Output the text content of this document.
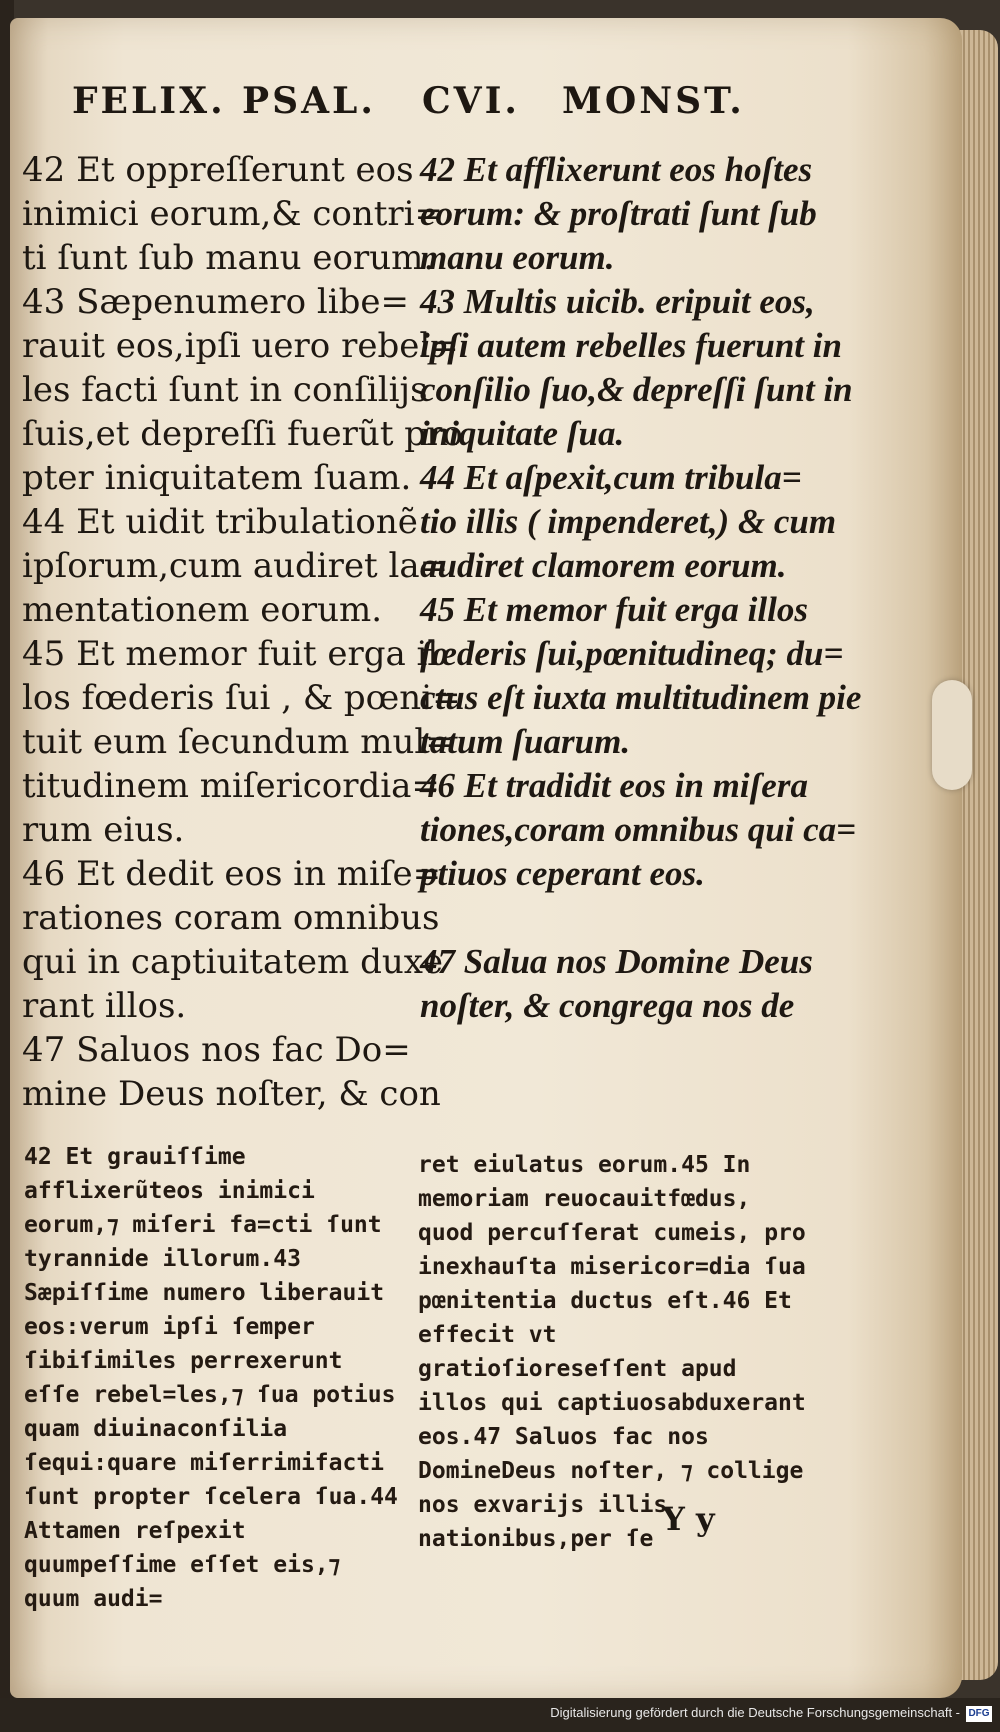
FELIX. PSAL. CVI. MONST.
42 Et oppreſſerunt eos
inimici eorum,& contri=
ti ſunt ſub manu eorum.
43 Sæpenumero libe=
rauit eos,ipſi uero rebel=
les facti ſunt in conſilijs
ſuis,et depreſſi fuerũt pro
pter iniquitatem ſuam.
44 Et uidit tribulationẽ
ipſorum,cum audiret la=
mentationem eorum.
45 Et memor fuit erga il
los fœderis ſui , & pœni=
tuit eum ſecundum mul=
titudinem miſericordia=
rum eius.
46 Et dedit eos in miſe=
rationes coram omnibus
qui in captiuitatem duxe
rant illos.
47 Saluos nos fac Do=
mine Deus noſter, & con
42 Et afflixerunt eos hoſtes
eorum: & proſtrati ſunt ſub
manu eorum.
43 Multis uicib. eripuit eos,
ipſi autem rebelles fuerunt in
conſilio ſuo,& depreſſi ſunt in
iniquitate ſua.
44 Et aſpexit,cum tribula=
tio illis ( impenderet,) & cum
audiret clamorem eorum.
45 Et memor fuit erga illos
fœderis ſui,pœnitudineq; du=
ctus eſt iuxta multitudinem pie
tatum ſuarum.
46 Et tradidit eos in miſera
tiones,coram omnibus qui ca=
ptiuos ceperant eos.

47 Salua nos Domine Deus
noſter, & congrega nos de
42 Et grauiſſime afflixerũteos inimici eorum,⁊ miſeri fa=cti ſunt tyrannide illorum.43 Sæpiſſime numero liberauit eos:verum ipſi ſemper ſibiſimiles perrexerunt eſſe rebel=les,⁊ ſua potius quam diuinaconſilia ſequi:quare miſerrimifacti ſunt propter ſcelera ſua.44 Attamen reſpexit quumpeſſime eſſet eis,⁊ quum audi=
ret eiulatus eorum.45 In memoriam reuocauitfœdus, quod percuſſerat cumeis, pro inexhauſta misericor=dia ſua pœnitentia ductus eſt.46 Et effecit vt gratioſioreseſſent apud illos qui captiuosabduxerant eos.47 Saluos fac nos DomineDeus noſter, ⁊ collige nos exvarijs illis nationibus,per ſe
Y y
Digitalisierung gefördert durch die Deutsche Forschungsgemeinschaft - DFG
